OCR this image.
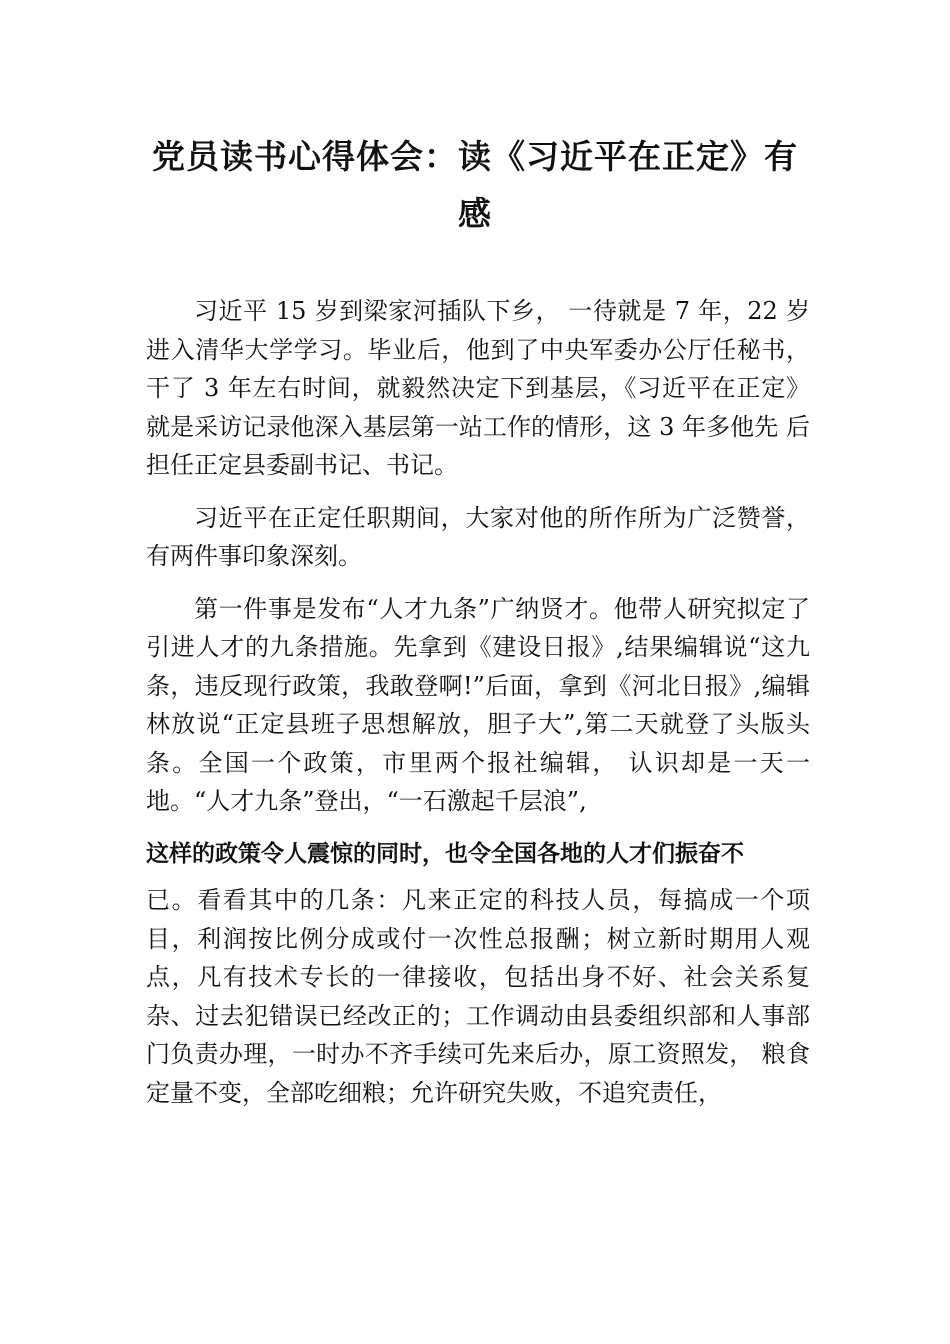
党员读书心得体会：读《习近平在正定》有感

习近平 15 岁到梁家河插队下乡， 一待就是 7 年，22 岁 进入清华大学学习。毕业后，他到了中央军委办公厅任秘书， 干了 3 年左右时间，就毅然决定下到基层，《习近平在正定》 就是采访记录他深入基层第一站工作的情形，这 3 年多他先 后担任正定县委副书记、书记。

习近平在正定任职期间，大家对他的所作所为广泛赞誉， 有两件事印象深刻。

第一件事是发布“人才九条”广纳贤才。他带人研究拟定了引进人才的九条措施。先拿到《建设日报》,结果编辑说“这九条，违反现行政策，我敢登啊!”后面，拿到《河北日报》,编辑林放说“正定县班子思想解放，胆子大”,第二天就登了头版头条。全国一个政策，市里两个报社编辑， 认识却是一天一地。“人才九条”登出，“一石激起千层浪”,

这样的政策令人震惊的同时，也令全国各地的人才们振奋不

已。看看其中的几条：凡来正定的科技人员，每搞成一个项目，利润按比例分成或付一次性总报酬；树立新时期用人观点，凡有技术专长的一律接收，包括出身不好、社会关系复杂、过去犯错误已经改正的；工作调动由县委组织部和人事部门负责办理，一时办不齐手续可先来后办，原工资照发， 粮食定量不变，全部吃细粮；允许研究失败，不追究责任，
